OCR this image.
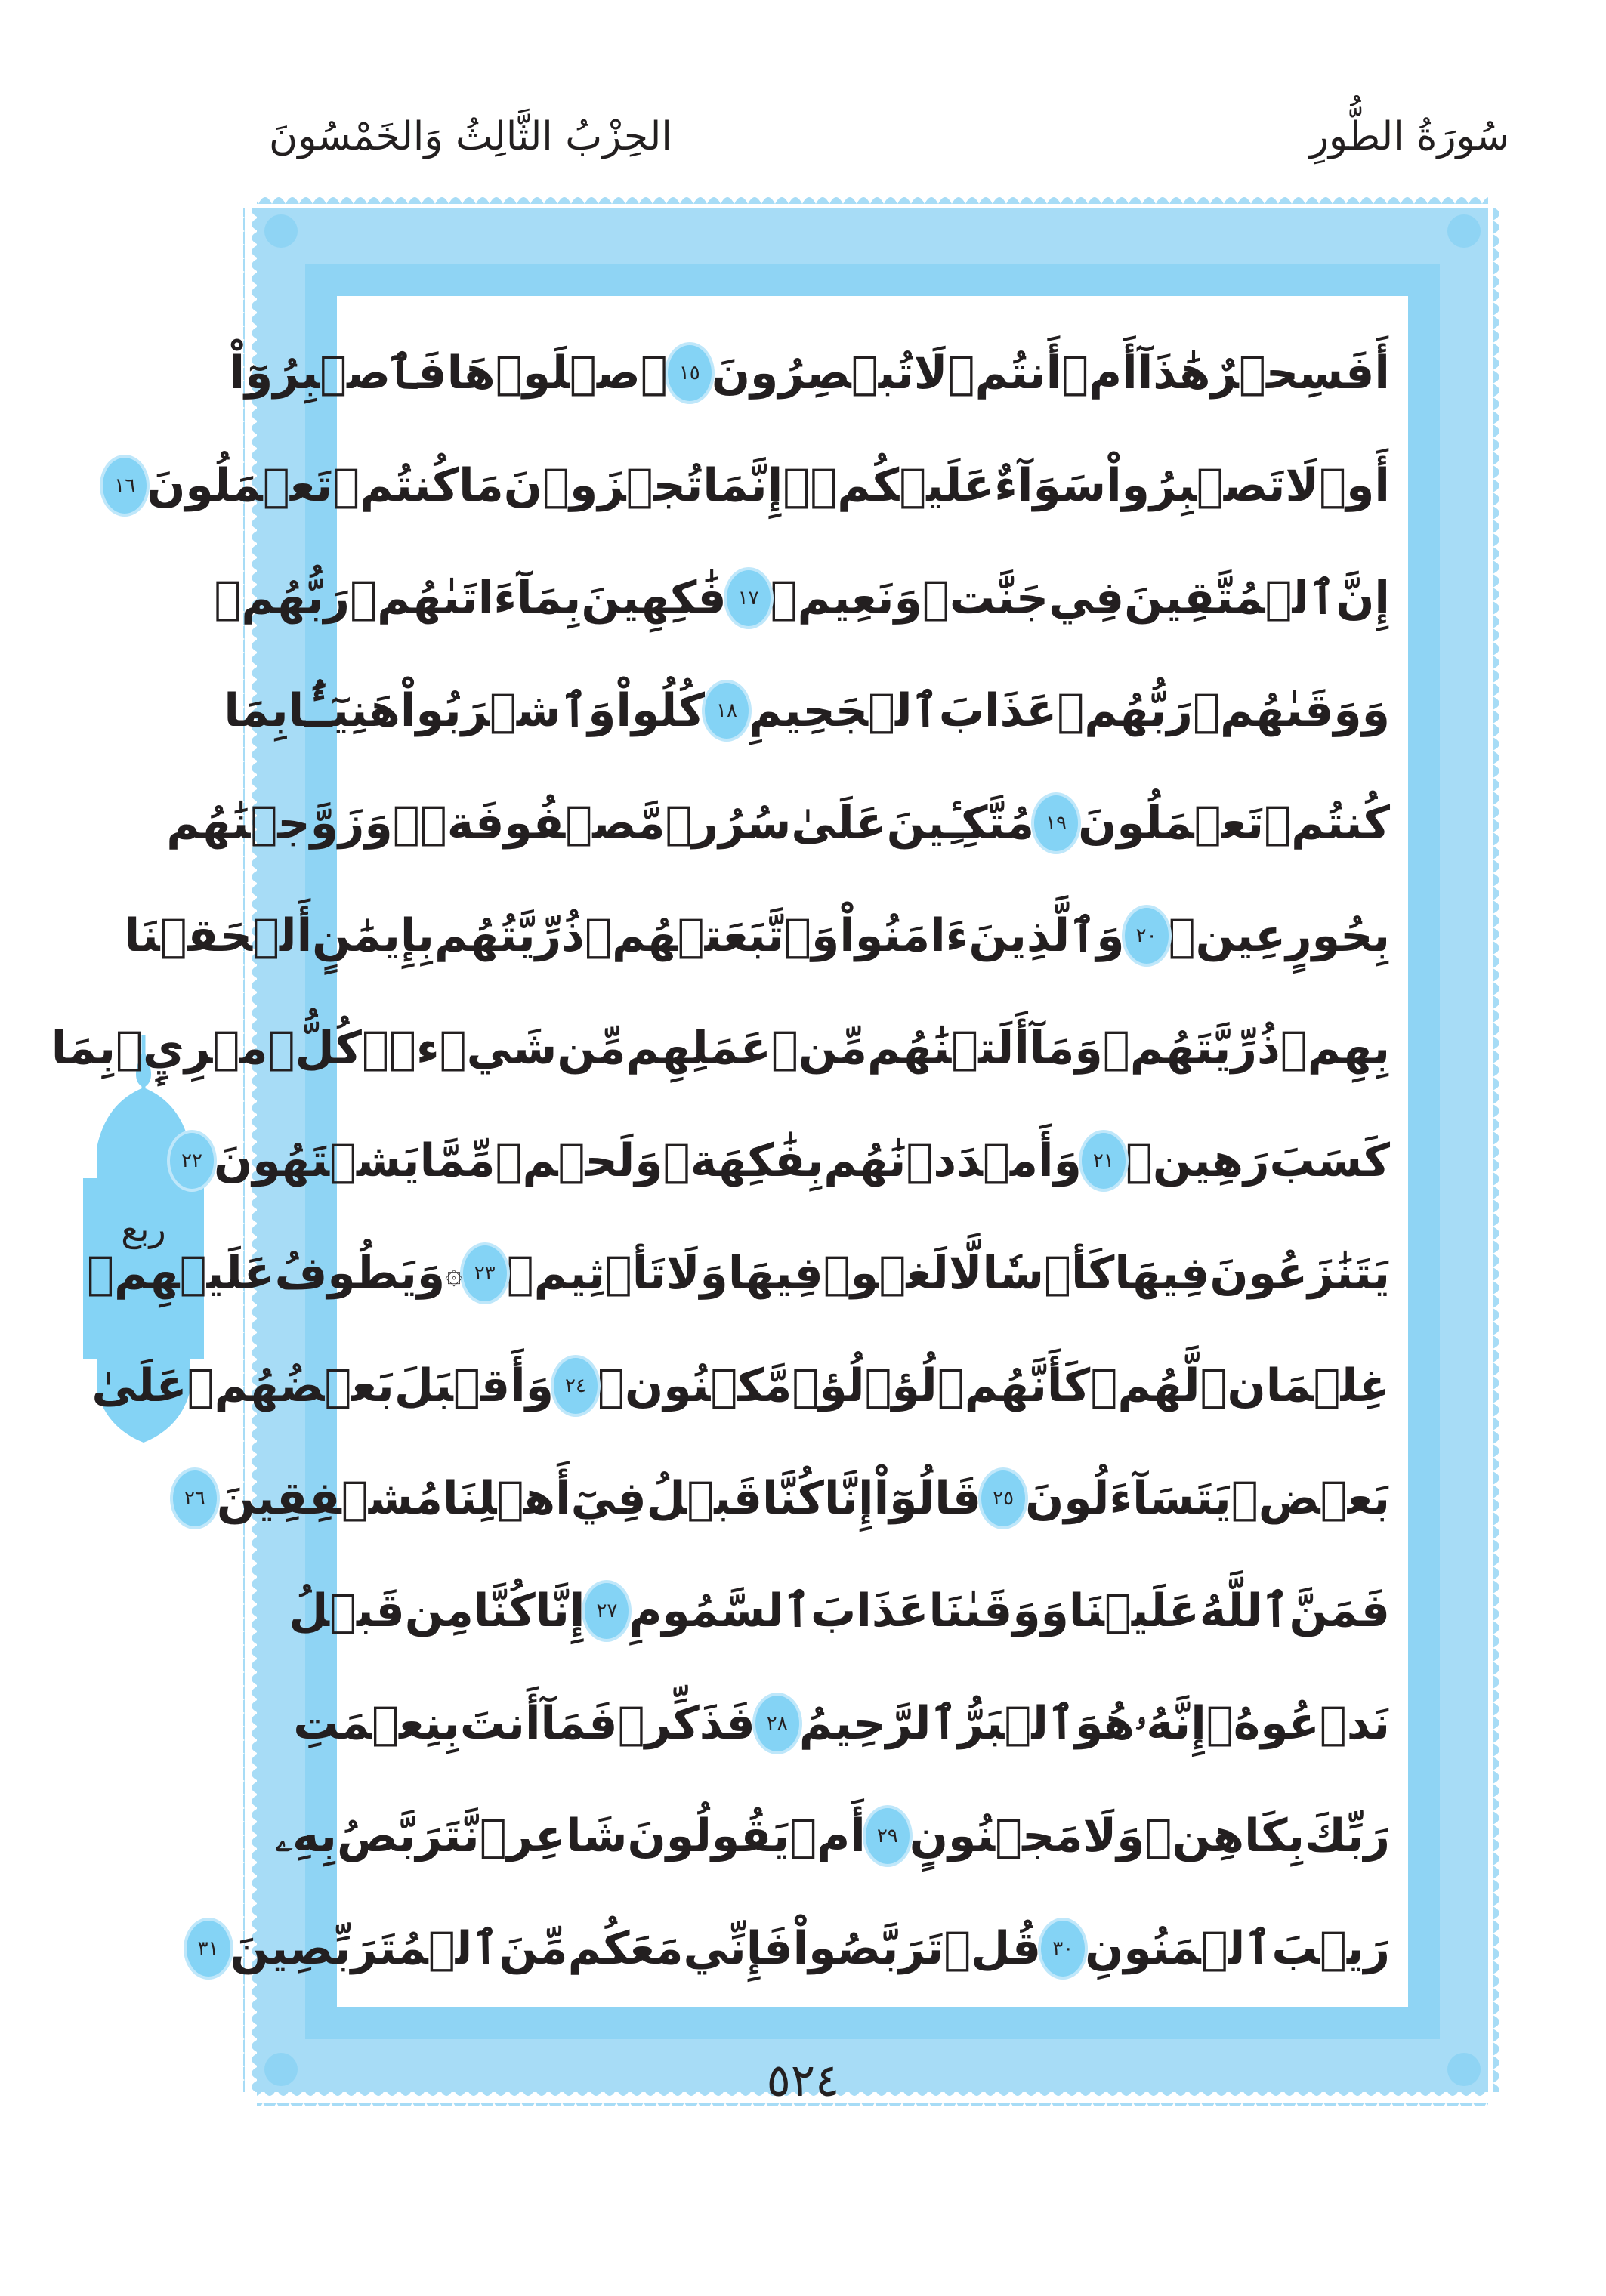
سُورَةُ الطُّورِ
الحِزْبُ الثَّالِثُ وَالخَمْسُونَ
ربع
أَفَسِحۡرٌ
هَٰذَآ
أَمۡ
أَنتُمۡ
لَا
تُبۡصِرُونَ
١٥
ٱصۡلَوۡهَا
فَٱصۡبِرُوٓاْ
أَوۡ
لَا
تَصۡبِرُواْ
سَوَآءٌ
عَلَيۡكُمۡۖ
إِنَّمَا
تُجۡزَوۡنَ
مَا
كُنتُمۡ
تَعۡمَلُونَ
١٦
إِنَّ
ٱلۡمُتَّقِينَ
فِي
جَنَّٰتٖ
وَنَعِيمٖ
١٧
فَٰكِهِينَ
بِمَآ
ءَاتَىٰهُمۡ
رَبُّهُمۡ
وَوَقَىٰهُمۡ
رَبُّهُمۡ
عَذَابَ
ٱلۡجَحِيمِ
١٨
كُلُواْ
وَٱشۡرَبُواْ
هَنِيٓـَٔۢا
بِمَا
كُنتُمۡ
تَعۡمَلُونَ
١٩
مُتَّكِـِٔينَ
عَلَىٰ
سُرُرٖ
مَّصۡفُوفَةٖۖ
وَزَوَّجۡنَٰهُم
بِحُورٍ
عِينٖ
٢٠
وَٱلَّذِينَ
ءَامَنُواْ
وَٱتَّبَعَتۡهُمۡ
ذُرِّيَّتُهُم
بِإِيمَٰنٍ
أَلۡحَقۡنَا
بِهِمۡ
ذُرِّيَّتَهُمۡ
وَمَآ
أَلَتۡنَٰهُم
مِّنۡ
عَمَلِهِم
مِّن
شَيۡءٖۚ
كُلُّ
ٱمۡرِيِٕۭ
بِمَا
كَسَبَ
رَهِينٞ
٢١
وَأَمۡدَدۡنَٰهُم
بِفَٰكِهَةٖ
وَلَحۡمٖ
مِّمَّا
يَشۡتَهُونَ
٢٢
يَتَنَٰزَعُونَ
فِيهَا
كَأۡسٗا
لَّا
لَغۡوٞ
فِيهَا
وَلَا
تَأۡثِيمٞ
٢٣
۞
وَيَطُوفُ
عَلَيۡهِمۡ
غِلۡمَانٞ
لَّهُمۡ
كَأَنَّهُمۡ
لُؤۡلُؤٞ
مَّكۡنُونٞ
٢٤
وَأَقۡبَلَ
بَعۡضُهُمۡ
عَلَىٰ
بَعۡضٖ
يَتَسَآءَلُونَ
٢٥
قَالُوٓاْ
إِنَّا
كُنَّا
قَبۡلُ
فِيٓ
أَهۡلِنَا
مُشۡفِقِينَ
٢٦
فَمَنَّ
ٱللَّهُ
عَلَيۡنَا
وَوَقَىٰنَا
عَذَابَ
ٱلسَّمُومِ
٢٧
إِنَّا
كُنَّا
مِن
قَبۡلُ
نَدۡعُوهُۖ
إِنَّهُۥ
هُوَ
ٱلۡبَرُّ
ٱلرَّحِيمُ
٢٨
فَذَكِّرۡ
فَمَآ
أَنتَ
بِنِعۡمَتِ
رَبِّكَ
بِكَاهِنٖ
وَلَا
مَجۡنُونٍ
٢٩
أَمۡ
يَقُولُونَ
شَاعِرٞ
نَّتَرَبَّصُ
بِهِۦ
رَيۡبَ
ٱلۡمَنُونِ
٣٠
قُلۡ
تَرَبَّصُواْ
فَإِنِّي
مَعَكُم
مِّنَ
ٱلۡمُتَرَبِّصِينَ
٣١
٥٢٤
